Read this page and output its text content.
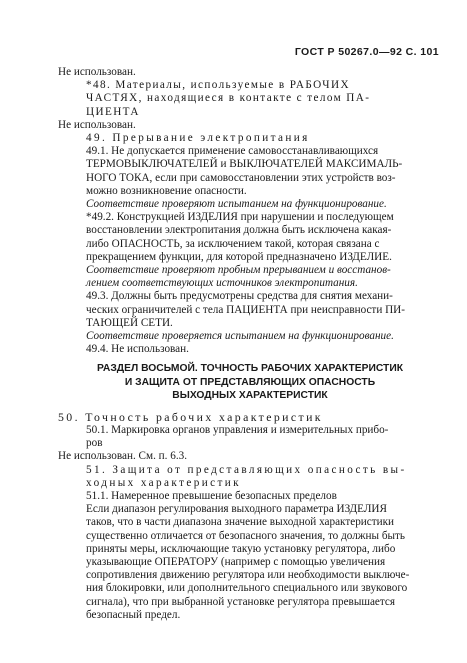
ГОСТ Р 50267.0—92 С. 101

Не использован.

*48. Материалы, используемые в РАБОЧИХ
ЧАСТЯХ, находящиеся в контакте с телом ПА-
ЦИЕНТА

Не использован.

49. Прерывание электропитания

49.1. Не допускается применение самовосстанавливающихся
ТЕРМОВЫКЛЮЧАТЕЛЕЙ и ВЫКЛЮЧАТЕЛЕЙ МАКСИМАЛЬ-
НОГО ТОКА, если при самовосстановлении этих устройств воз-
можно возникновение опасности.

Соответствие проверяют испытанием на функционирование.

*49.2. Конструкцией ИЗДЕЛИЯ при нарушении и последующем
восстановлении электропитания должна быть исключена какая-
либо ОПАСНОСТЬ, за исключением такой, которая связана с
прекращением функции, для которой предназначено ИЗДЕЛИЕ.

Соответствие проверяют пробным прерыванием и восстанов-
лением соответствующих источников электропитания.

49.3. Должны быть предусмотрены средства для снятия механи-
ческих ограничителей с тела ПАЦИЕНТА при неисправности ПИ-
ТАЮЩЕЙ СЕТИ.

Соответствие проверяется испытанием на функционирование.

49.4. Не использован.

РАЗДЕЛ ВОСЬМОЙ. ТОЧНОСТЬ РАБОЧИХ ХАРАКТЕРИСТИК
И ЗАЩИТА ОТ ПРЕДСТАВЛЯЮЩИХ ОПАСНОСТЬ
ВЫХОДНЫХ ХАРАКТЕРИСТИК

50. Точность рабочих характеристик

50.1. Маркировка органов управления и измерительных прибо-
ров

Не использован. См. п. 6.3.

51. Защита от представляющих опасность вы-
ходных характеристик

51.1. Намеренное превышение безопасных пределов

Если диапазон регулирования выходного параметра ИЗДЕЛИЯ
таков, что в части диапазона значение выходной характеристики
существенно отличается от безопасного значения, то должны быть
приняты меры, исключающие такую установку регулятора, либо
указывающие ОПЕРАТОРУ (например с помощью увеличения
сопротивления движению регулятора или необходимости выключе-
ния блокировки, или дополнительного специального или звукового
сигнала), что при выбранной установке регулятора превышается
безопасный предел.
